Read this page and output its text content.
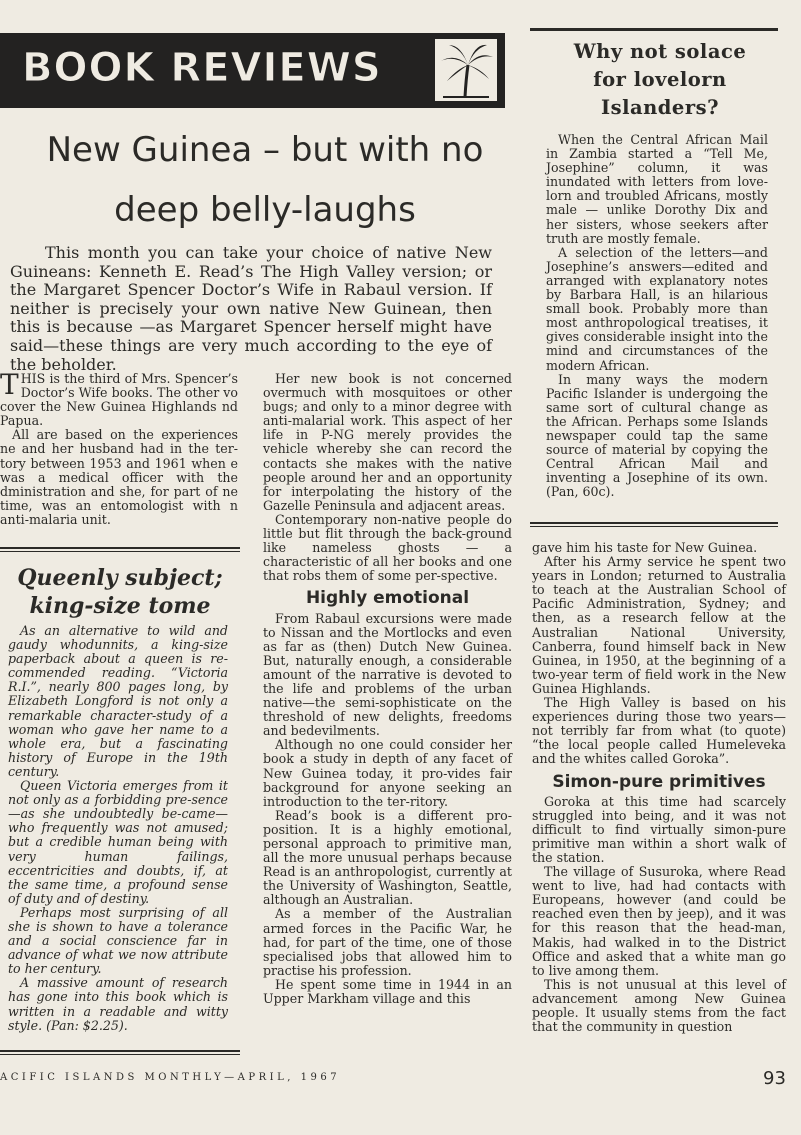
BOOK REVIEWS
New Guinea – but with no
deep belly-laughs

This month you can take your choice of native New Guineans: Kenneth E. Read’s The High Valley version; or the Margaret Spencer Doctor’s Wife in Rabaul version. If neither is precisely your own native New Guinean, then this is because —as Margaret Spencer herself might have said—these things are very much according to the eye of the beholder.

THIS is the third of Mrs. Spencer’s Doctor’s Wife books. The other vo cover the New Guinea Highlands nd Papua.

All are based on the experiences ne and her husband had in the ter-tory between 1953 and 1961 when e was a medical officer with the dministration and she, for part of ne time, was an entomologist with n anti-malaria unit.

Queenly subject;
king-size tome

As an alternative to wild and gaudy whodunnits, a king-size paperback about a queen is re-commended reading. “Victoria R.I.”, nearly 800 pages long, by Elizabeth Longford is not only a remarkable character-study of a woman who gave her name to a whole era, but a fascinating history of Europe in the 19th century.

Queen Victoria emerges from it not only as a forbidding pre-sence—as she undoubtedly be-came—who frequently was not amused; but a credible human being with very human failings, eccentricities and doubts, if, at the same time, a profound sense of duty and of destiny.

Perhaps most surprising of all she is shown to have a tolerance and a social conscience far in advance of what we now attribute to her century.

A massive amount of research has gone into this book which is written in a readable and witty style. (Pan: $2.25).

Her new book is not concerned overmuch with mosquitoes or other bugs; and only to a minor degree with anti-malarial work. This aspect of her life in P-NG merely provides the vehicle whereby she can record the contacts she makes with the native people around her and an opportunity for interpolating the history of the Gazelle Peninsula and adjacent areas.

Contemporary non-native people do little but flit through the back-ground like nameless ghosts — a characteristic of all her books and one that robs them of some per-spective.

Highly emotional

From Rabaul excursions were made to Nissan and the Mortlocks and even as far as (then) Dutch New Guinea. But, naturally enough, a considerable amount of the narrative is devoted to the life and problems of the urban native—the semi-sophisticate on the threshold of new delights, freedoms and bedevilments.

Although no one could consider her book a study in depth of any facet of New Guinea today, it pro-vides fair background for anyone seeking an introduction to the ter-ritory.

Read’s book is a different pro-position. It is a highly emotional, personal approach to primitive man, all the more unusual perhaps because Read is an anthropologist, currently at the University of Washington, Seattle, although an Australian.

As a member of the Australian armed forces in the Pacific War, he had, for part of the time, one of those specialised jobs that allowed him to practise his profession.

He spent some time in 1944 in an Upper Markham village and this

Why not solace
for lovelorn
Islanders?

When the Central African Mail in Zambia started a “Tell Me, Josephine” column, it was inundated with letters from love-lorn and troubled Africans, mostly male — unlike Dorothy Dix and her sisters, whose seekers after truth are mostly female.

A selection of the letters—and Josephine’s answers—edited and arranged with explanatory notes by Barbara Hall, is an hilarious small book. Probably more than most anthropological treatises, it gives considerable insight into the mind and circumstances of the modern African.

In many ways the modern Pacific Islander is undergoing the same sort of cultural change as the African. Perhaps some Islands newspaper could tap the same source of material by copying the Central African Mail and inventing a Josephine of its own. (Pan, 60c).

gave him his taste for New Guinea.

After his Army service he spent two years in London; returned to Australia to teach at the Australian School of Pacific Administration, Sydney; and then, as a research fellow at the Australian National University, Canberra, found himself back in New Guinea, in 1950, at the beginning of a two-year term of field work in the New Guinea Highlands.

The High Valley is based on his experiences during those two years—not terribly far from what (to quote) “the local people called Humeleveka and the whites called Goroka”.

Simon-pure primitives

Goroka at this time had scarcely struggled into being, and it was not difficult to find virtually simon-pure primitive man within a short walk of the station.

The village of Susuroka, where Read went to live, had had contacts with Europeans, however (and could be reached even then by jeep), and it was for this reason that the head-man, Makis, had walked in to the District Office and asked that a white man go to live among them.

This is not unusual at this level of advancement among New Guinea people. It usually stems from the fact that the community in question

ACIFIC ISLANDS MONTHLY—APRIL, 1967	93
